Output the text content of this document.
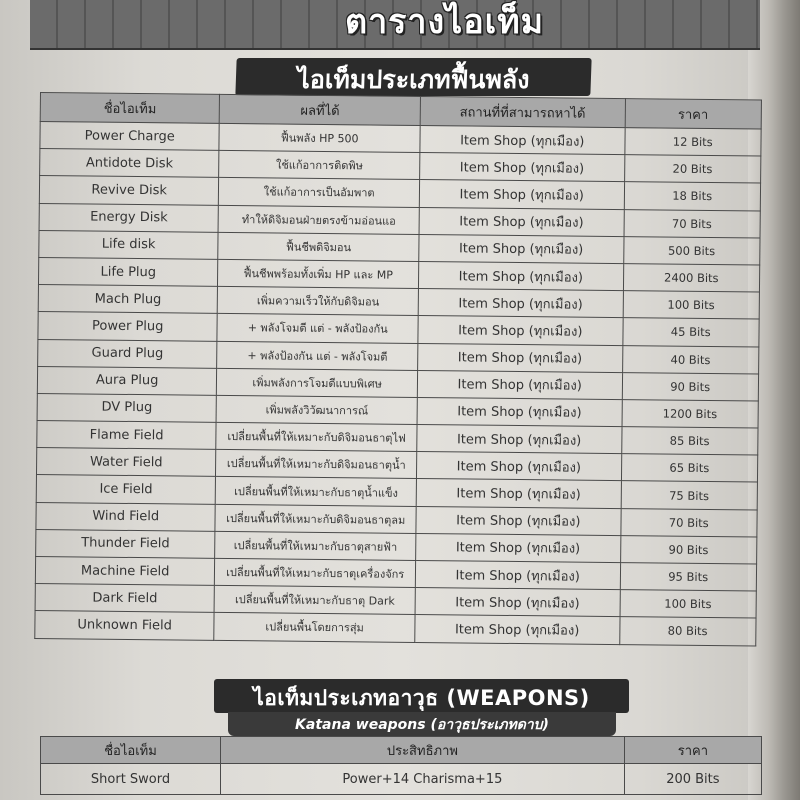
ตารางไอเท็ม
ไอเท็มประเภทฟื้นพลัง
ชื่อไอเท็ม	ผลที่ได้	สถานที่ที่สามารถหาได้	ราคา
Power Charge	ฟื้นพลัง HP 500	Item Shop (ทุกเมือง)	12 Bits
Antidote Disk	ใช้แก้อาการติดพิษ	Item Shop (ทุกเมือง)	20 Bits
Revive Disk	ใช้แก้อาการเป็นอัมพาต	Item Shop (ทุกเมือง)	18 Bits
Energy Disk	ทำให้ดิจิมอนฝ่ายตรงข้ามอ่อนแอ	Item Shop (ทุกเมือง)	70 Bits
Life disk	ฟื้นชีพดิจิมอน	Item Shop (ทุกเมือง)	500 Bits
Life Plug	ฟื้นชีพพร้อมทั้งเพิ่ม HP และ MP	Item Shop (ทุกเมือง)	2400 Bits
Mach Plug	เพิ่มความเร็วให้กับดิจิมอน	Item Shop (ทุกเมือง)	100 Bits
Power Plug	+ พลังโจมตี แต่ - พลังป้องกัน	Item Shop (ทุกเมือง)	45 Bits
Guard Plug	+ พลังป้องกัน แต่ - พลังโจมตี	Item Shop (ทุกเมือง)	40 Bits
Aura Plug	เพิ่มพลังการโจมตีแบบพิเศษ	Item Shop (ทุกเมือง)	90 Bits
DV Plug	เพิ่มพลังวิวัฒนาการณ์	Item Shop (ทุกเมือง)	1200 Bits
Flame Field	เปลี่ยนพื้นที่ให้เหมาะกับดิจิมอนธาตุไฟ	Item Shop (ทุกเมือง)	85 Bits
Water Field	เปลี่ยนพื้นที่ให้เหมาะกับดิจิมอนธาตุน้ำ	Item Shop (ทุกเมือง)	65 Bits
Ice Field	เปลี่ยนพื้นที่ให้เหมาะกับธาตุน้ำแข็ง	Item Shop (ทุกเมือง)	75 Bits
Wind Field	เปลี่ยนพื้นที่ให้เหมาะกับดิจิมอนธาตุลม	Item Shop (ทุกเมือง)	70 Bits
Thunder Field	เปลี่ยนพื้นที่ให้เหมาะกับธาตุสายฟ้า	Item Shop (ทุกเมือง)	90 Bits
Machine Field	เปลี่ยนพื้นที่ให้เหมาะกับธาตุเครื่องจักร	Item Shop (ทุกเมือง)	95 Bits
Dark Field	เปลี่ยนพื้นที่ให้เหมาะกับธาตุ Dark	Item Shop (ทุกเมือง)	100 Bits
Unknown Field	เปลี่ยนพื้นโดยการสุ่ม	Item Shop (ทุกเมือง)	80 Bits
ไอเท็มประเภทอาวุธ (WEAPONS)
Katana weapons (อาวุธประเภทดาบ)
ชื่อไอเท็ม	ประสิทธิภาพ	ราคา
Short Sword	Power+14 Charisma+15	200 Bits
